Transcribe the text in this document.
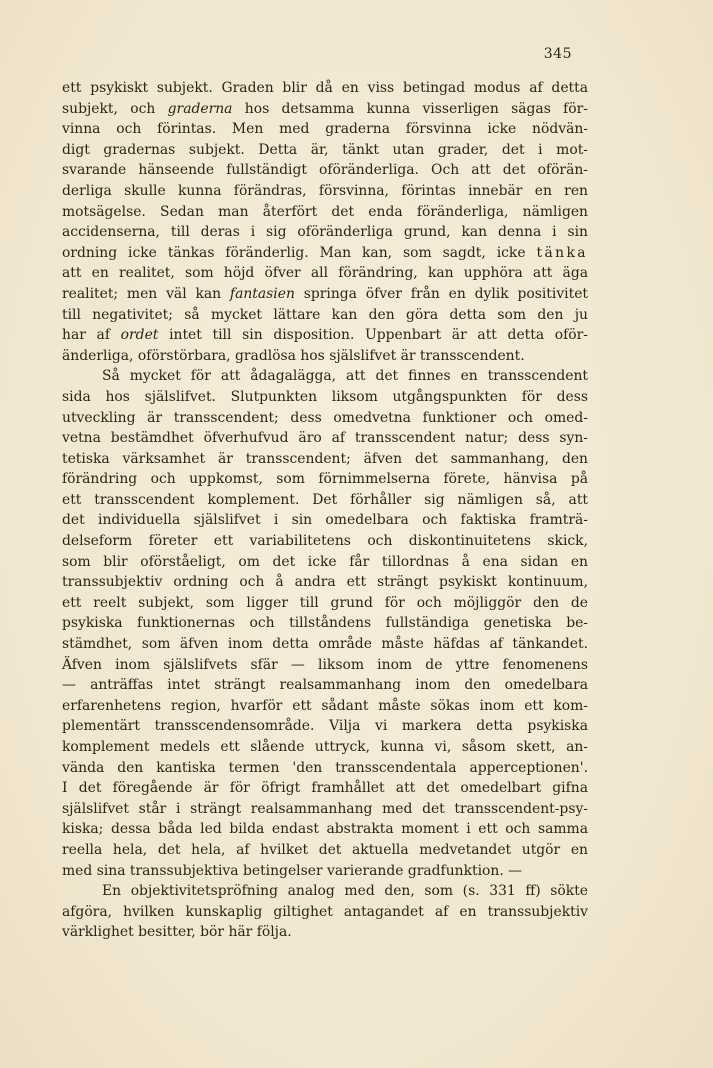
345
ett psykiskt subjekt. Graden blir då en viss betingad modus af detta
subjekt, och graderna hos detsamma kunna visserligen sägas för-
vinna och förintas. Men med graderna försvinna icke nödvän-
digt gradernas subjekt. Detta är, tänkt utan grader, det i mot-
svarande hänseende fullständigt oföränderliga. Och att det oförän-
derliga skulle kunna förändras, försvinna, förintas innebär en ren
motsägelse. Sedan man återfört det enda föränderliga, nämligen
accidenserna, till deras i sig oföränderliga grund, kan denna i sin
ordning icke tänkas föränderlig. Man kan, som sagdt, icke tänka
att en realitet, som höjd öfver all förändring, kan upphöra att äga
realitet; men väl kan fantasien springa öfver från en dylik positivitet
till negativitet; så mycket lättare kan den göra detta som den ju
har af ordet intet till sin disposition. Uppenbart är att detta oför-
änderliga, oförstörbara, gradlösa hos själslifvet är transscendent.
Så mycket för att ådagalägga, att det finnes en transscendent
sida hos själslifvet. Slutpunkten liksom utgångspunkten för dess
utveckling är transscendent; dess omedvetna funktioner och omed-
vetna bestämdhet öfverhufvud äro af transscendent natur; dess syn-
tetiska värksamhet är transscendent; äfven det sammanhang, den
förändring och uppkomst, som förnimmelserna förete, hänvisa på
ett transscendent komplement. Det förhåller sig nämligen så, att
det individuella själslifvet i sin omedelbara och faktiska framträ-
delseform företer ett variabilitetens och diskontinuitetens skick,
som blir oförståeligt, om det icke får tillordnas å ena sidan en
transsubjektiv ordning och å andra ett strängt psykiskt kontinuum,
ett reelt subjekt, som ligger till grund för och möjliggör den de
psykiska funktionernas och tillståndens fullständiga genetiska be-
stämdhet, som äfven inom detta område måste häfdas af tänkandet.
Äfven inom själslifvets sfär — liksom inom de yttre fenomenens
— anträffas intet strängt realsammanhang inom den omedelbara
erfarenhetens region, hvarför ett sådant måste sökas inom ett kom-
plementärt transscendensområde. Vilja vi markera detta psykiska
komplement medels ett slående uttryck, kunna vi, såsom skett, an-
vända den kantiska termen 'den transscendentala apperceptionen'.
I det föregående är för öfrigt framhållet att det omedelbart gifna
själslifvet står i strängt realsammanhang med det transscendent-psy-
kiska; dessa båda led bilda endast abstrakta moment i ett och samma
reella hela, det hela, af hvilket det aktuella medvetandet utgör en
med sina transsubjektiva betingelser varierande gradfunktion. —
En objektivitetspröfning analog med den, som (s. 331 ff) sökte
afgöra, hvilken kunskaplig giltighet antagandet af en transsubjektiv
värklighet besitter, bör här följa.
